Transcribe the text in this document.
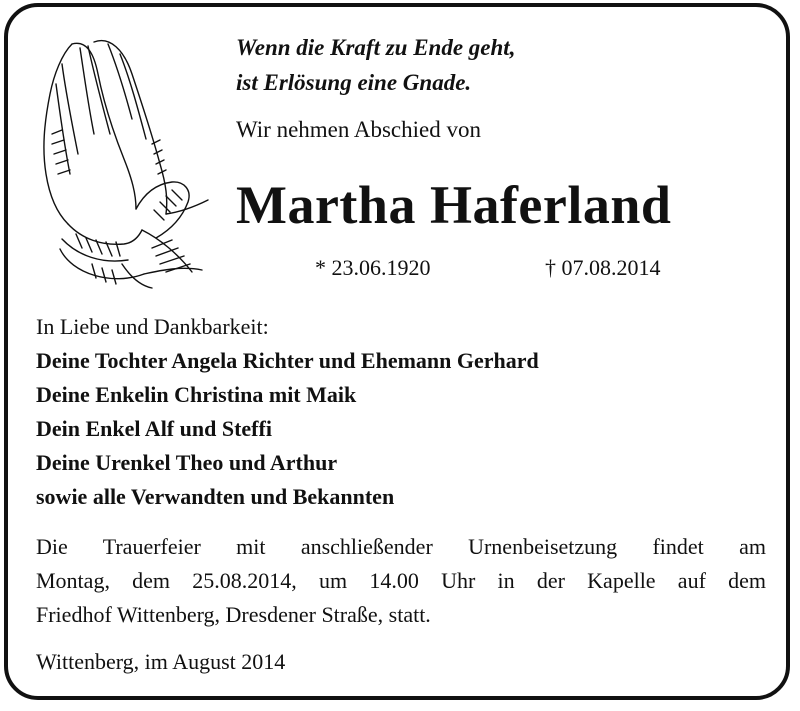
Wenn die Kraft zu Ende geht,
ist Erlösung eine Gnade.
Wir nehmen Abschied von
Martha Haferland
* 23.06.1920	† 07.08.2014
In Liebe und Dankbarkeit:
Deine Tochter Angela Richter und Ehemann Gerhard
Deine Enkelin Christina mit Maik
Dein Enkel Alf und Steffi
Deine Urenkel Theo und Arthur
sowie alle Verwandten und Bekannten
Die Trauerfeier mit anschließender Urnenbeisetzung findet am
Montag, dem 25.08.2014, um 14.00 Uhr in der Kapelle auf dem
Friedhof Wittenberg, Dresdener Straße, statt.
Wittenberg, im August 2014
